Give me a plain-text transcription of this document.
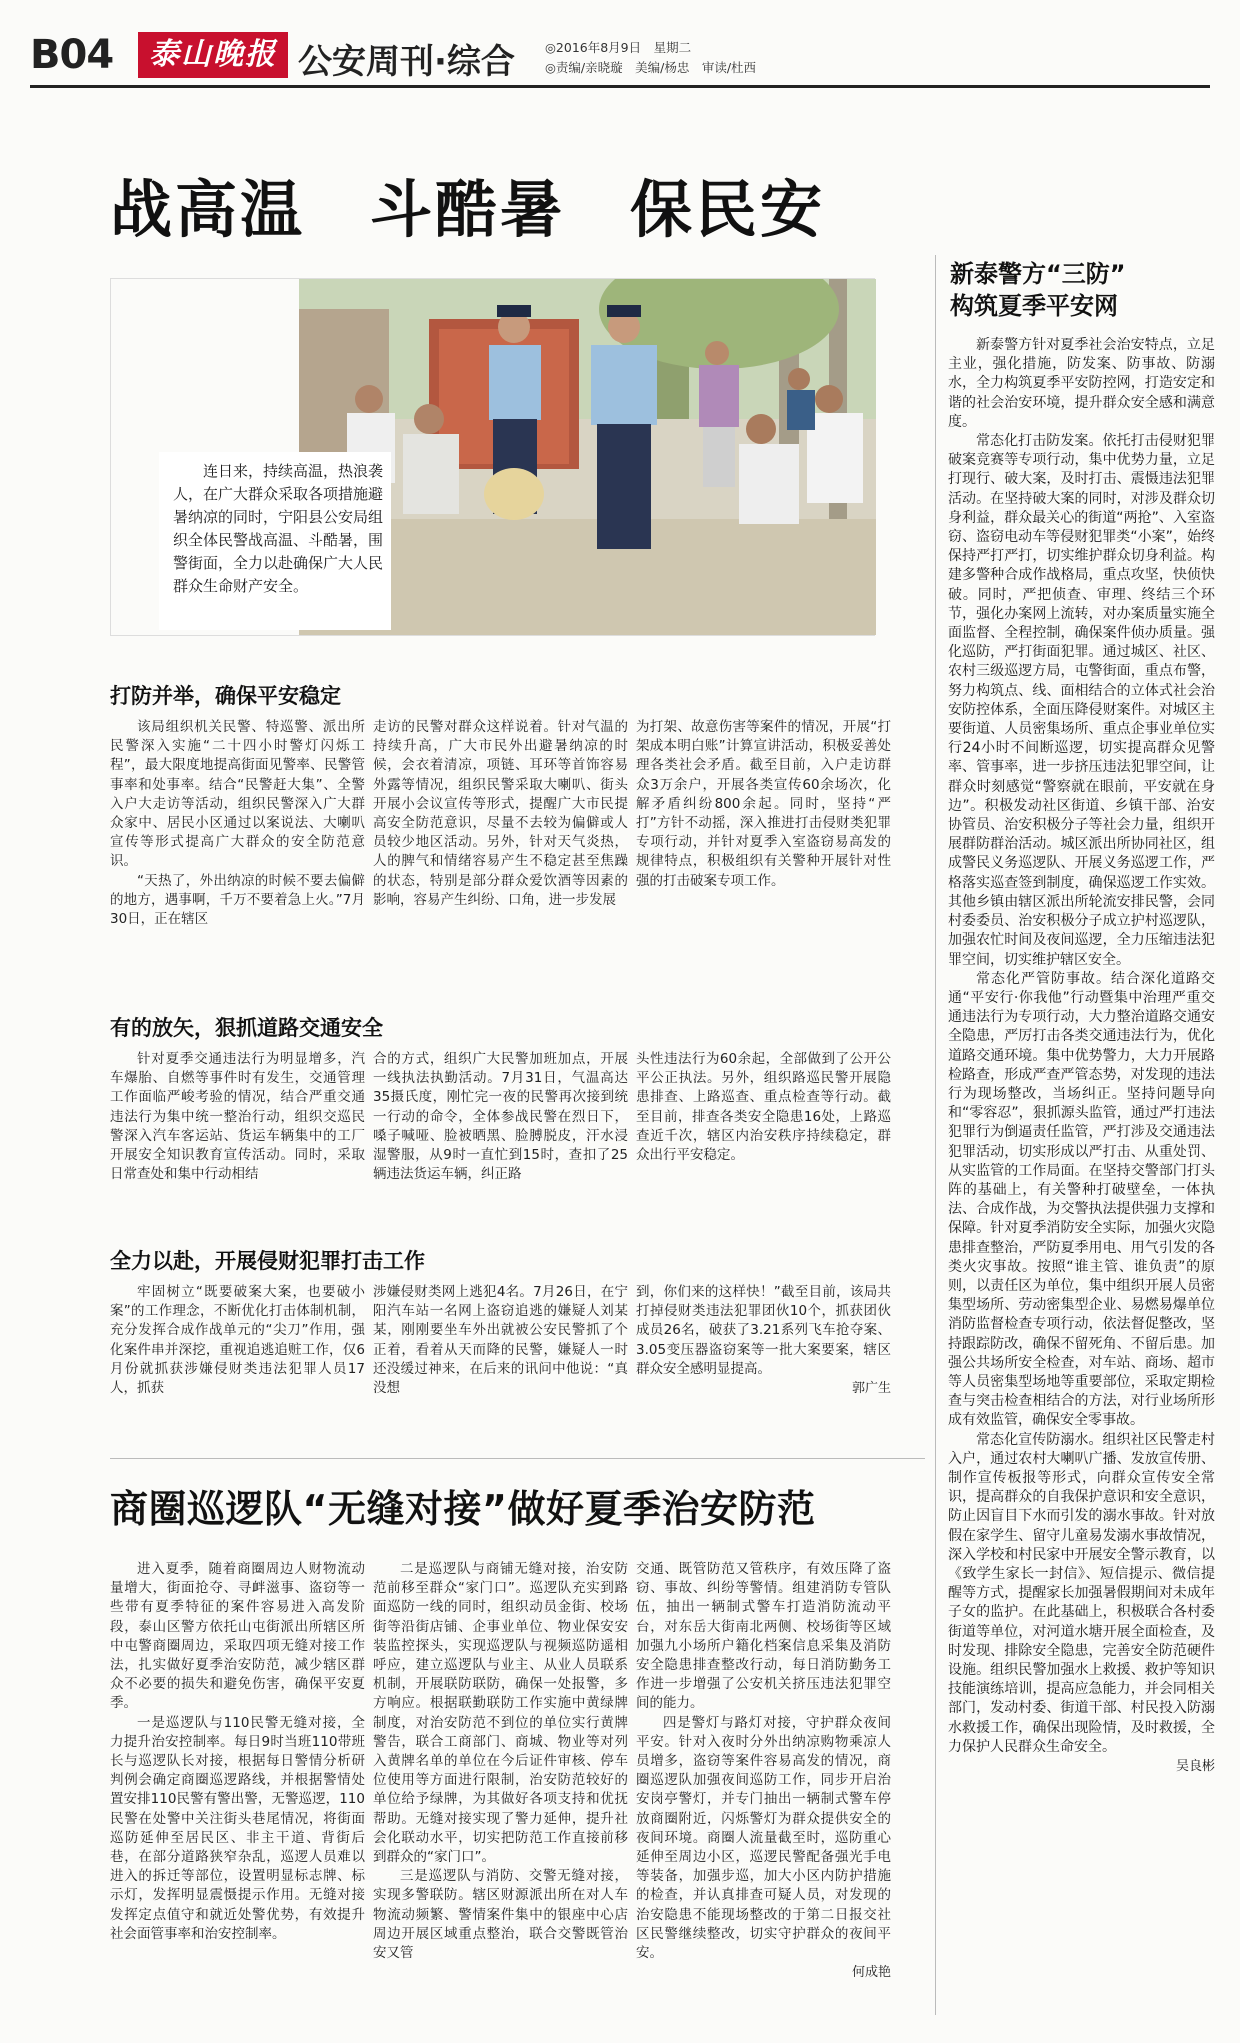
B04	泰山晚报 公安周刊·综合 ◎2016年8月9日　星期二
◎责编/亲晓璇　美编/杨忠　审读/杜西
战高温　斗酷暑　保民安
连日来，持续高温，热浪袭人，在广大群众采取各项措施避暑纳凉的同时，宁阳县公安局组织全体民警战高温、斗酷暑，围警街面，全力以赴确保广大人民群众生命财产安全。
打防并举，确保平安稳定

该局组织机关民警、特巡警、派出所民警深入实施“二十四小时警灯闪烁工程”，最大限度地提高街面见警率、民警管事率和处事率。结合“民警赶大集”、全警入户大走访等活动，组织民警深入广大群众家中、居民小区通过以案说法、大喇叭宣传等形式提高广大群众的安全防范意识。

“天热了，外出纳凉的时候不要去偏僻的地方，遇事啊，千万不要着急上火。”7月30日，正在辖区

走访的民警对群众这样说着。针对气温的持续升高，广大市民外出避暑纳凉的时候，会衣着清凉，项链、耳环等首饰容易外露等情况，组织民警采取大喇叭、街头开展小会议宣传等形式，提醒广大市民提高安全防范意识，尽量不去较为偏僻或人员较少地区活动。另外，针对天气炎热，人的脾气和情绪容易产生不稳定甚至焦躁的状态，特别是部分群众爱饮酒等因素的影响，容易产生纠纷、口角，进一步发展

为打架、故意伤害等案件的情况，开展“打架成本明白账”计算宣讲活动，积极妥善处理各类社会矛盾。截至目前，入户走访群众3万余户，开展各类宣传60余场次，化解矛盾纠纷800余起。同时，坚持“严打”方针不动摇，深入推进打击侵财类犯罪专项行动，并针对夏季入室盗窃易高发的规律特点，积极组织有关警种开展针对性强的打击破案专项工作。

有的放矢，狠抓道路交通安全

针对夏季交通违法行为明显增多，汽车爆胎、自燃等事件时有发生，交通管理工作面临严峻考验的情况，结合严重交通违法行为集中统一整治行动，组织交巡民警深入汽车客运站、货运车辆集中的工厂开展安全知识教育宣传活动。同时，采取日常查处和集中行动相结

合的方式，组织广大民警加班加点，开展一线执法执勤活动。7月31日，气温高达35摄氏度，刚忙完一夜的民警再次接到统一行动的命令，全体参战民警在烈日下，嗓子喊哑、脸被晒黑、脸膊脱皮，汗水浸湿警服，从9时一直忙到15时，查扣了25辆违法货运车辆，纠正路

头性违法行为60余起，全部做到了公开公平公正执法。另外，组织路巡民警开展隐患排查、上路巡查、重点检查等行动。截至目前，排查各类安全隐患16处，上路巡查近千次，辖区内治安秩序持续稳定，群众出行平安稳定。

全力以赴，开展侵财犯罪打击工作

牢固树立“既要破案大案，也要破小案”的工作理念，不断优化打击体制机制，充分发挥合成作战单元的“尖刀”作用，强化案件串并深挖，重视追逃追赃工作，仅6月份就抓获涉嫌侵财类违法犯罪人员17人，抓获

涉嫌侵财类网上逃犯4名。7月26日，在宁阳汽车站一名网上盗窃追逃的嫌疑人刘某某，刚刚要坐车外出就被公安民警抓了个正着，看着从天而降的民警，嫌疑人一时还没缓过神来，在后来的讯问中他说：“真没想

到，你们来的这样快！”截至目前，该局共打掉侵财类违法犯罪团伙10个，抓获团伙成员26名，破获了3.21系列飞车抢夺案、3.05变压器盗窃案等一批大案要案，辖区群众安全感明显提高。

郭广生
新泰警方“三防”
构筑夏季平安网

新泰警方针对夏季社会治安特点，立足主业，强化措施，防发案、防事故、防溺水，全力构筑夏季平安防控网，打造安定和谐的社会治安环境，提升群众安全感和满意度。

常态化打击防发案。依托打击侵财犯罪破案竞赛等专项行动，集中优势力量，立足打现行、破大案，及时打击、震慑违法犯罪活动。在坚持破大案的同时，对涉及群众切身利益，群众最关心的街道“两抢”、入室盗窃、盗窃电动车等侵财犯罪类“小案”，始终保持严打严打，切实维护群众切身利益。构建多警种合成作战格局，重点攻坚，快侦快破。同时，严把侦查、审理、终结三个环节，强化办案网上流转，对办案质量实施全面监督、全程控制，确保案件侦办质量。强化巡防，严打街面犯罪。通过城区、社区、农村三级巡逻方局，屯警街面，重点布警，努力构筑点、线、面相结合的立体式社会治安防控体系，全面压降侵财案件。对城区主要街道、人员密集场所、重点企事业单位实行24小时不间断巡逻，切实提高群众见警率、管事率，进一步挤压违法犯罪空间，让群众时刻感觉“警察就在眼前，平安就在身边”。积极发动社区街道、乡镇干部、治安协管员、治安积极分子等社会力量，组织开展群防群治活动。城区派出所协同社区，组成警民义务巡逻队、开展义务巡逻工作，严格落实巡查签到制度，确保巡逻工作实效。其他乡镇由辖区派出所轮流安排民警，会同村委委员、治安积极分子成立护村巡逻队，加强农忙时间及夜间巡逻，全力压缩违法犯罪空间，切实维护辖区安全。

常态化严管防事故。结合深化道路交通“平安行·你我他”行动暨集中治理严重交通违法行为专项行动，大力整治道路交通安全隐患，严厉打击各类交通违法行为，优化道路交通环境。集中优势警力，大力开展路检路查，形成严查严管态势，对发现的违法行为现场整改，当场纠正。坚持问题导向和“零容忍”，狠抓源头监管，通过严打违法犯罪行为倒逼责任监管，严打涉及交通违法犯罪活动，切实形成以严打击、从重处罚、从实监管的工作局面。在坚持交警部门打头阵的基础上，有关警种打破壁垒，一体执法、合成作战，为交警执法提供强力支撑和保障。针对夏季消防安全实际，加强火灾隐患排查整治，严防夏季用电、用气引发的各类火灾事故。按照“谁主管、谁负责”的原则，以责任区为单位，集中组织开展人员密集型场所、劳动密集型企业、易燃易爆单位消防监督检查专项行动，依法督促整改，坚持跟踪防改，确保不留死角、不留后患。加强公共场所安全检查，对车站、商场、超市等人员密集型场地等重要部位，采取定期检查与突击检查相结合的方法，对行业场所形成有效监管，确保安全零事故。

常态化宣传防溺水。组织社区民警走村入户，通过农村大喇叭广播、发放宣传册、制作宣传板报等形式，向群众宣传安全常识，提高群众的自我保护意识和安全意识，防止因盲目下水而引发的溺水事故。针对放假在家学生、留守儿童易发溺水事故情况，深入学校和村民家中开展安全警示教育，以《致学生家长一封信》、短信提示、微信提醒等方式，提醒家长加强暑假期间对未成年子女的监护。在此基础上，积极联合各村委街道等单位，对河道水塘开展全面检查，及时发现、排除安全隐患，完善安全防范硬件设施。组织民警加强水上救援、救护等知识技能演练培训，提高应急能力，并会同相关部门，发动村委、街道干部、村民投入防溺水救援工作，确保出现险情，及时救援，全力保护人民群众生命安全。

吴良彬
商圈巡逻队“无缝对接”做好夏季治安防范

进入夏季，随着商圈周边人财物流动量增大，街面抢夺、寻衅滋事、盗窃等一些带有夏季特征的案件容易进入高发阶段，泰山区警方依托山屯街派出所辖区所中屯警商圈周边，采取四项无缝对接工作法，扎实做好夏季治安防范，减少辖区群众不必要的损失和避免伤害，确保平安夏季。

一是巡逻队与110民警无缝对接，全力提升治安控制率。每日9时当班110带班长与巡逻队长对接，根据每日警情分析研判例会确定商圈巡逻路线，并根据警情处置安排110民警有警出警，无警巡逻，110民警在处警中关注街头巷尾情况，将街面巡防延伸至居民区、非主干道、背街后巷，在部分道路狭窄杂乱，巡逻人员难以进入的拆迁等部位，设置明显标志牌、标示灯，发挥明显震慑提示作用。无缝对接发挥定点值守和就近处警优势，有效提升社会面管事率和治安控制率。

二是巡逻队与商铺无缝对接，治安防范前移至群众“家门口”。巡逻队充实到路面巡防一线的同时，组织动员金街、校场街等沿街店铺、企事业单位、物业保安安装监控探头，实现巡逻队与视频巡防遥相呼应，建立巡逻队与业主、从业人员联系机制，开展联防联防，确保一处报警，多方响应。根据联勤联防工作实施中黄绿牌制度，对治安防范不到位的单位实行黄牌警告，联合工商部门、商城、物业等对列入黄牌名单的单位在今后证件审核、停车位使用等方面进行限制，治安防范较好的单位给予绿牌，为其做好各项支持和优抚帮助。无缝对接实现了警力延伸，提升社会化联动水平，切实把防范工作直接前移到群众的“家门口”。

三是巡逻队与消防、交警无缝对接，实现多警联防。辖区财源派出所在对人车物流动频繁、警情案件集中的银座中心店周边开展区域重点整治，联合交警既管治安又管

交通、既管防范又管秩序，有效压降了盗窃、事故、纠纷等警情。组建消防专管队伍，抽出一辆制式警车打造消防流动平台，对东岳大街南北两侧、校场街等区域加强九小场所户籍化档案信息采集及消防安全隐患排查整改行动，每日消防勤务工作进一步增强了公安机关挤压违法犯罪空间的能力。

四是警灯与路灯对接，守护群众夜间平安。针对入夜时分外出纳凉购物乘凉人员增多，盗窃等案件容易高发的情况，商圈巡逻队加强夜间巡防工作，同步开启治安岗亭警灯，并专门抽出一辆制式警车停放商圈附近，闪烁警灯为群众提供安全的夜间环境。商圈人流量截至时，巡防重心延伸至周边小区，巡逻民警配备强光手电等装备，加强步巡，加大小区内防护措施的检查，并认真排查可疑人员，对发现的治安隐患不能现场整改的于第二日报交社区民警继续整改，切实守护群众的夜间平安。

何成艳
